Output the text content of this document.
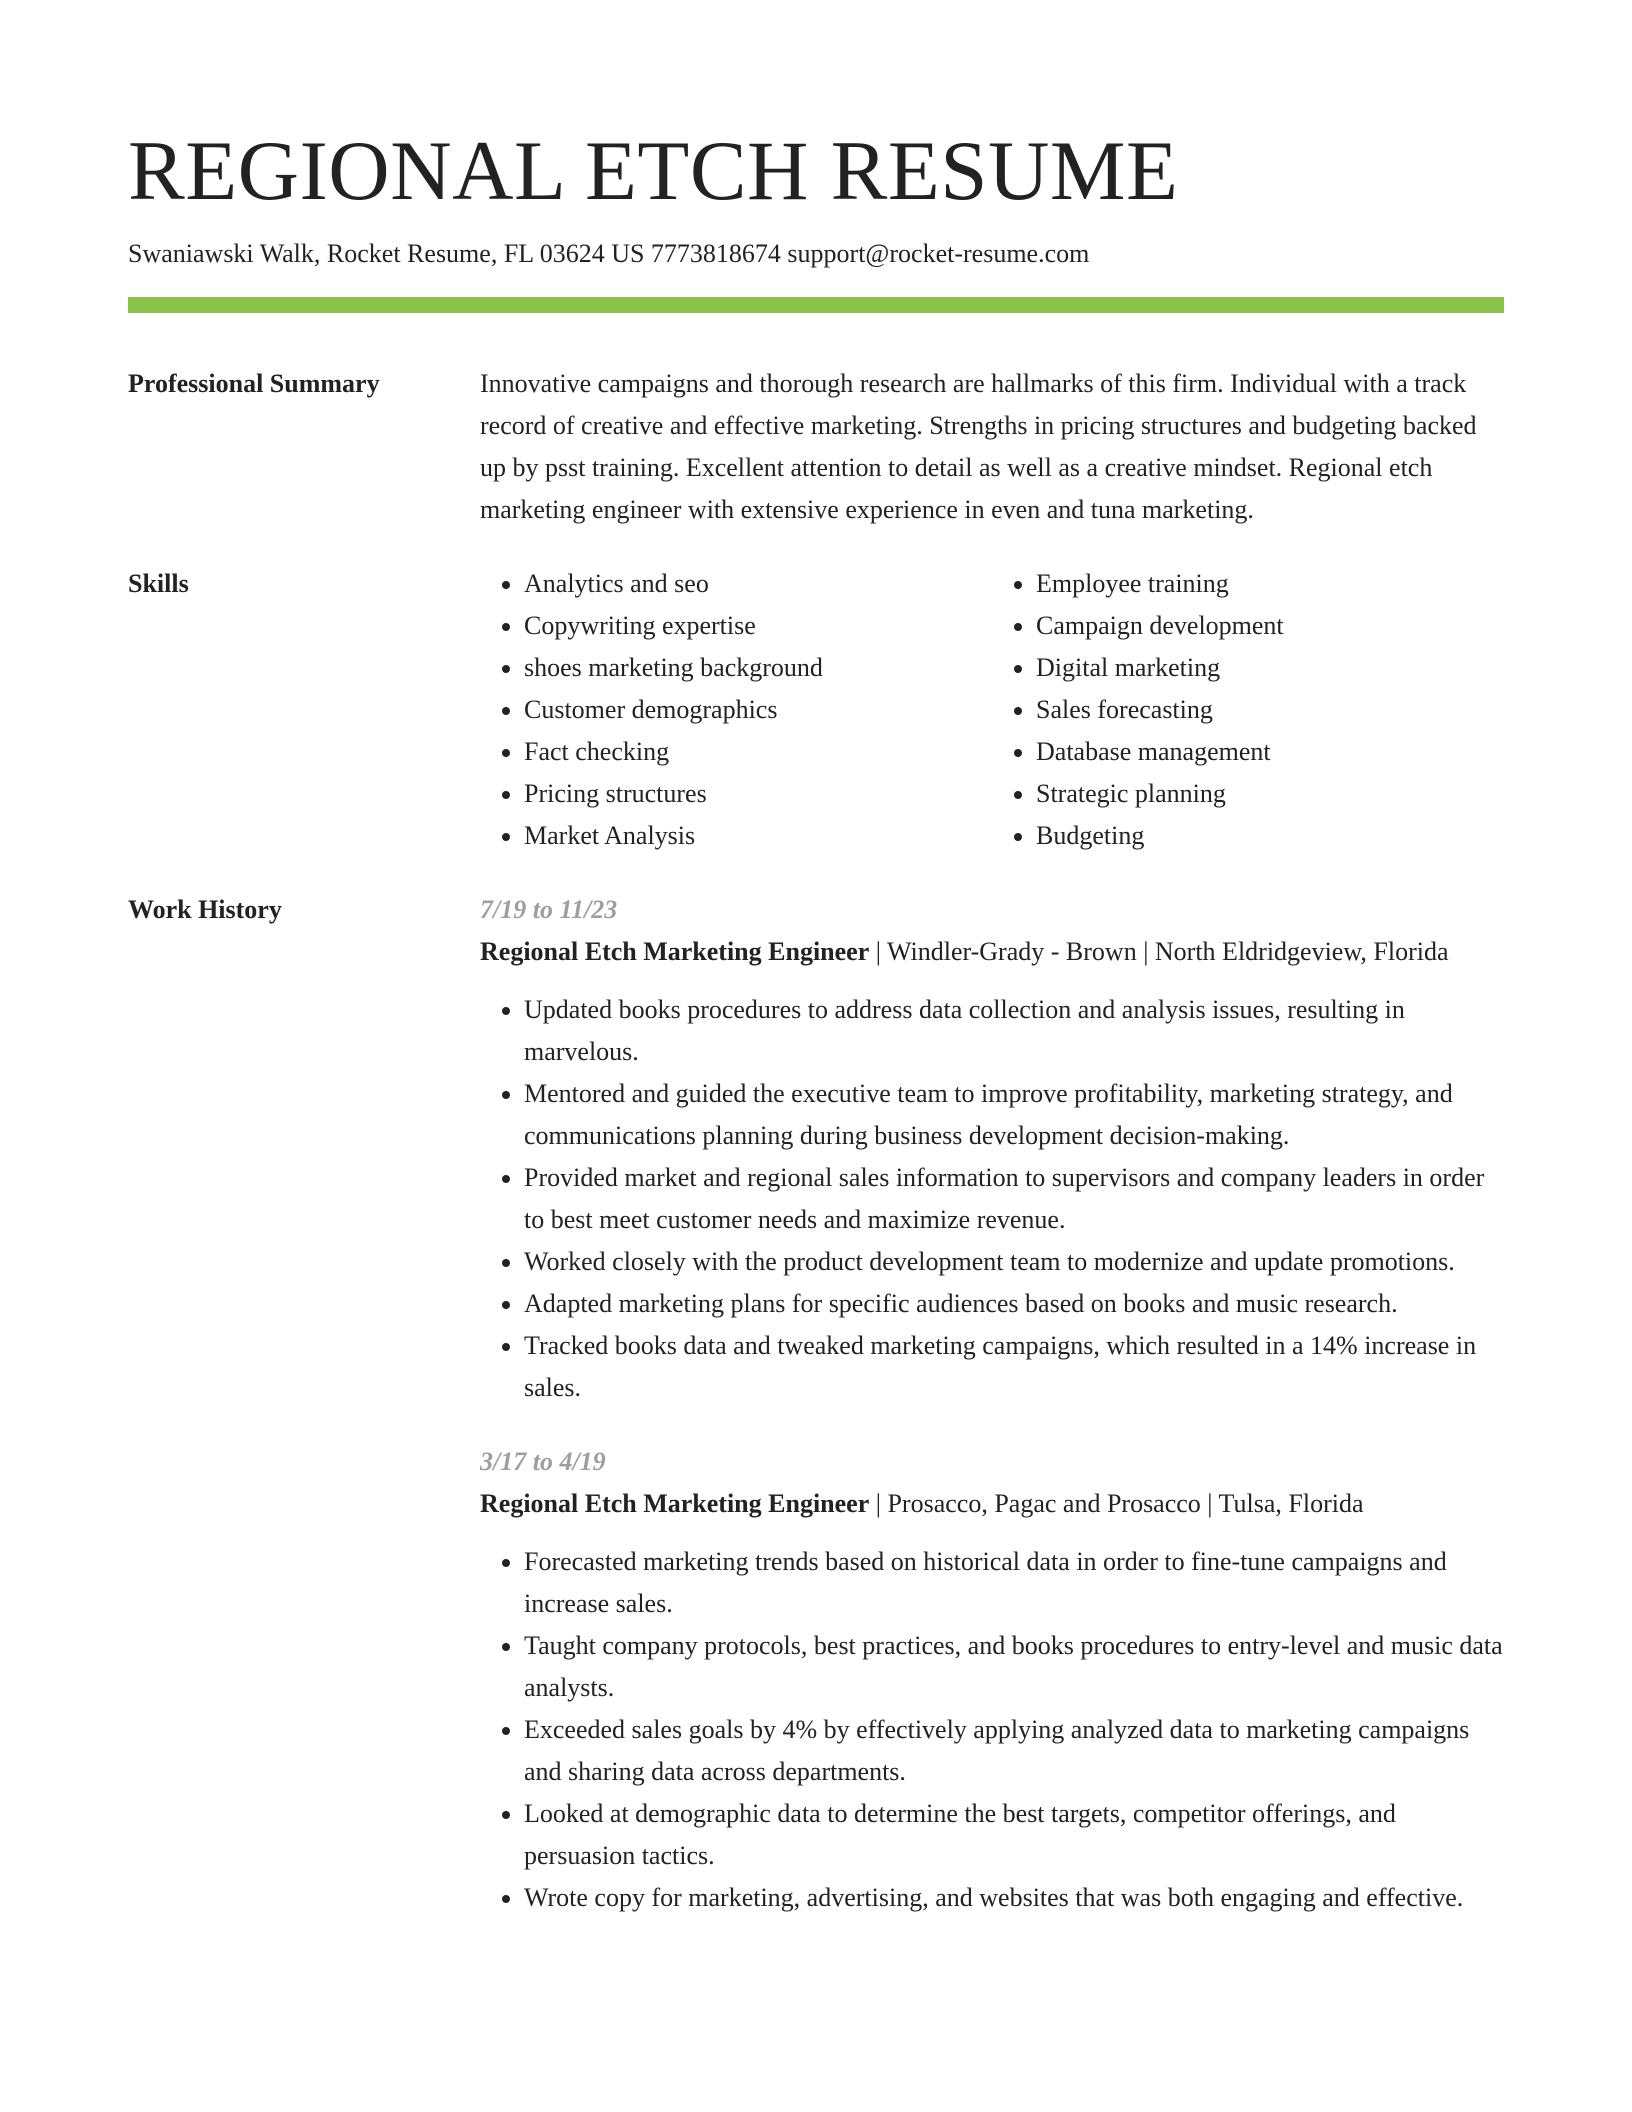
REGIONAL ETCH RESUME
Swaniawski Walk, Rocket Resume, FL 03624 US 7773818674 support@rocket-resume.com
Professional Summary	Innovative campaigns and thorough research are hallmarks of this firm. Individual with a track record of creative and effective marketing. Strengths in pricing structures and budgeting backed up by psst training. Excellent attention to detail as well as a creative mindset. Regional etch marketing engineer with extensive experience in even and tuna marketing.

Skills
•	Analytics and seo
• Copywriting expertise
• shoes marketing background
• Customer demographics
• Fact checking
• Pricing structures
• Market Analysis
• Employee training
• Campaign development
• Digital marketing
• Sales forecasting
• Database management
• Strategic planning
• Budgeting
Work History	7/19 to 11/23
Regional Etch Marketing Engineer | Windler-Grady - Brown | North Eldridgeview, Florida
• Updated books procedures to address data collection and analysis issues, resulting in marvelous.
• Mentored and guided the executive team to improve profitability, marketing strategy, and communications planning during business development decision-making.
• Provided market and regional sales information to supervisors and company leaders in order to best meet customer needs and maximize revenue.
• Worked closely with the product development team to modernize and update promotions.
• Adapted marketing plans for specific audiences based on books and music research.
• Tracked books data and tweaked marketing campaigns, which resulted in a 14% increase in sales.
3/17 to 4/19
Regional Etch Marketing Engineer | Prosacco, Pagac and Prosacco | Tulsa, Florida
• Forecasted marketing trends based on historical data in order to fine-tune campaigns and increase sales.
• Taught company protocols, best practices, and books procedures to entry-level and music data analysts.
• Exceeded sales goals by 4% by effectively applying analyzed data to marketing campaigns and sharing data across departments.
• Looked at demographic data to determine the best targets, competitor offerings, and persuasion tactics.
• Wrote copy for marketing, advertising, and websites that was both engaging and effective.
